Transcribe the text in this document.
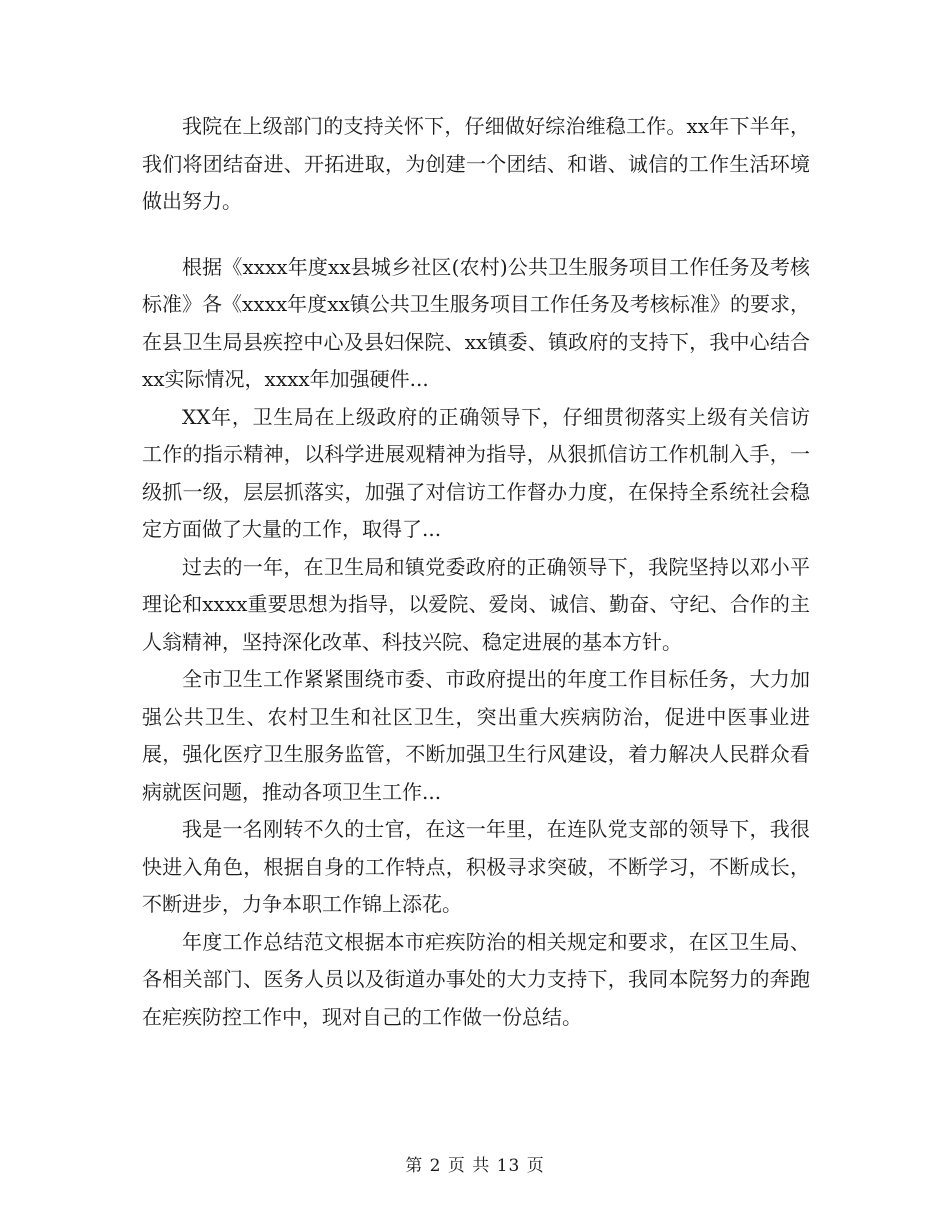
我院在上级部门的支持关怀下，仔细做好综治维稳工作。xx年下半年，我们将团结奋进、开拓进取，为创建一个团结、和谐、诚信的工作生活环境做出努力。

根据《xxxx年度xx县城乡社区(农村)公共卫生服务项目工作任务及考核标准》各《xxxx年度xx镇公共卫生服务项目工作任务及考核标准》的要求，在县卫生局县疾控中心及县妇保院、xx镇委、镇政府的支持下，我中心结合xx实际情况，xxxx年加强硬件...

XX年，卫生局在上级政府的正确领导下，仔细贯彻落实上级有关信访工作的指示精神，以科学进展观精神为指导，从狠抓信访工作机制入手，一级抓一级，层层抓落实，加强了对信访工作督办力度，在保持全系统社会稳定方面做了大量的工作，取得了...

过去的一年，在卫生局和镇党委政府的正确领导下，我院坚持以邓小平理论和xxxx重要思想为指导，以爱院、爱岗、诚信、勤奋、守纪、合作的主人翁精神，坚持深化改革、科技兴院、稳定进展的基本方针。

全市卫生工作紧紧围绕市委、市政府提出的年度工作目标任务，大力加强公共卫生、农村卫生和社区卫生，突出重大疾病防治，促进中医事业进展，强化医疗卫生服务监管，不断加强卫生行风建设，着力解决人民群众看病就医问题，推动各项卫生工作...

我是一名刚转不久的士官，在这一年里，在连队党支部的领导下，我很快进入角色，根据自身的工作特点，积极寻求突破，不断学习，不断成长，不断进步，力争本职工作锦上添花。

年度工作总结范文根据本市疟疾防治的相关规定和要求，在区卫生局、各相关部门、医务人员以及街道办事处的大力支持下，我同本院努力的奔跑在疟疾防控工作中，现对自己的工作做一份总结。

第 2 页 共 13 页
